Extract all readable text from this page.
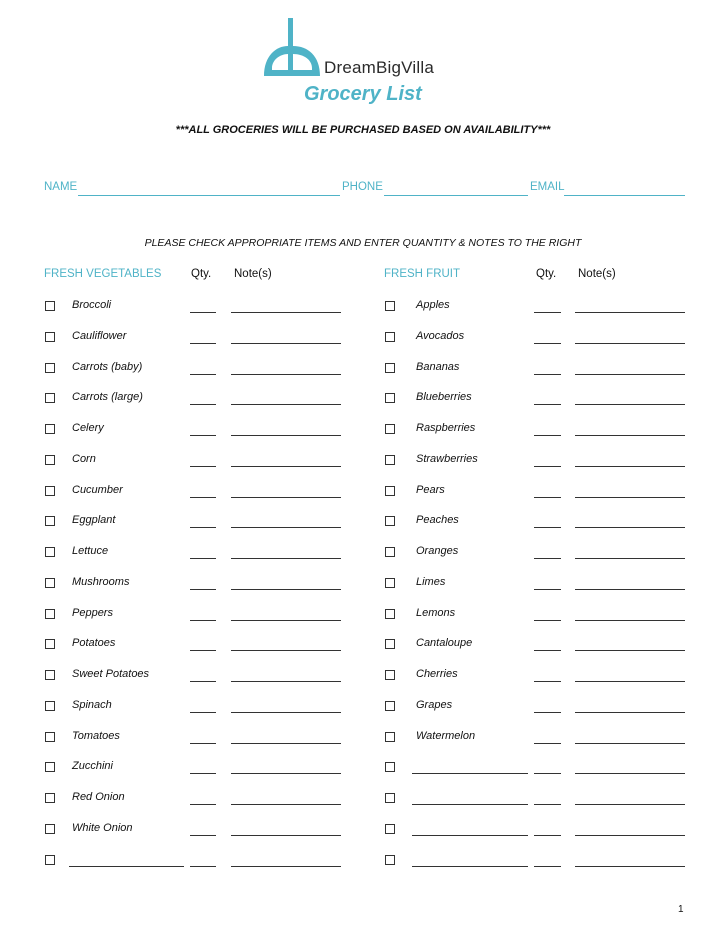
DreamBigVilla
Grocery List
***ALL GROCERIES WILL BE PURCHASED BASED ON AVAILABILITY***
NAME	PHONE	EMAIL
PLEASE CHECK APPROPRIATE ITEMS AND ENTER QUANTITY & NOTES TO THE RIGHT
FRESH VEGETABLES	Qty. Note(s)	FRESH FRUIT	Qty. Note(s)
Broccoli
Cauliflower
Carrots (baby)
Carrots (large)
Celery
Corn
Cucumber
Eggplant
Lettuce
Mushrooms
Peppers
Potatoes
Sweet Potatoes
Spinach
Tomatoes
Zucchini
Red Onion
White Onion
Apples
Avocados
Bananas
Blueberries
Raspberries
Strawberries
Pears
Peaches
Oranges
Limes
Lemons
Cantaloupe
Cherries
Grapes
Watermelon
1
